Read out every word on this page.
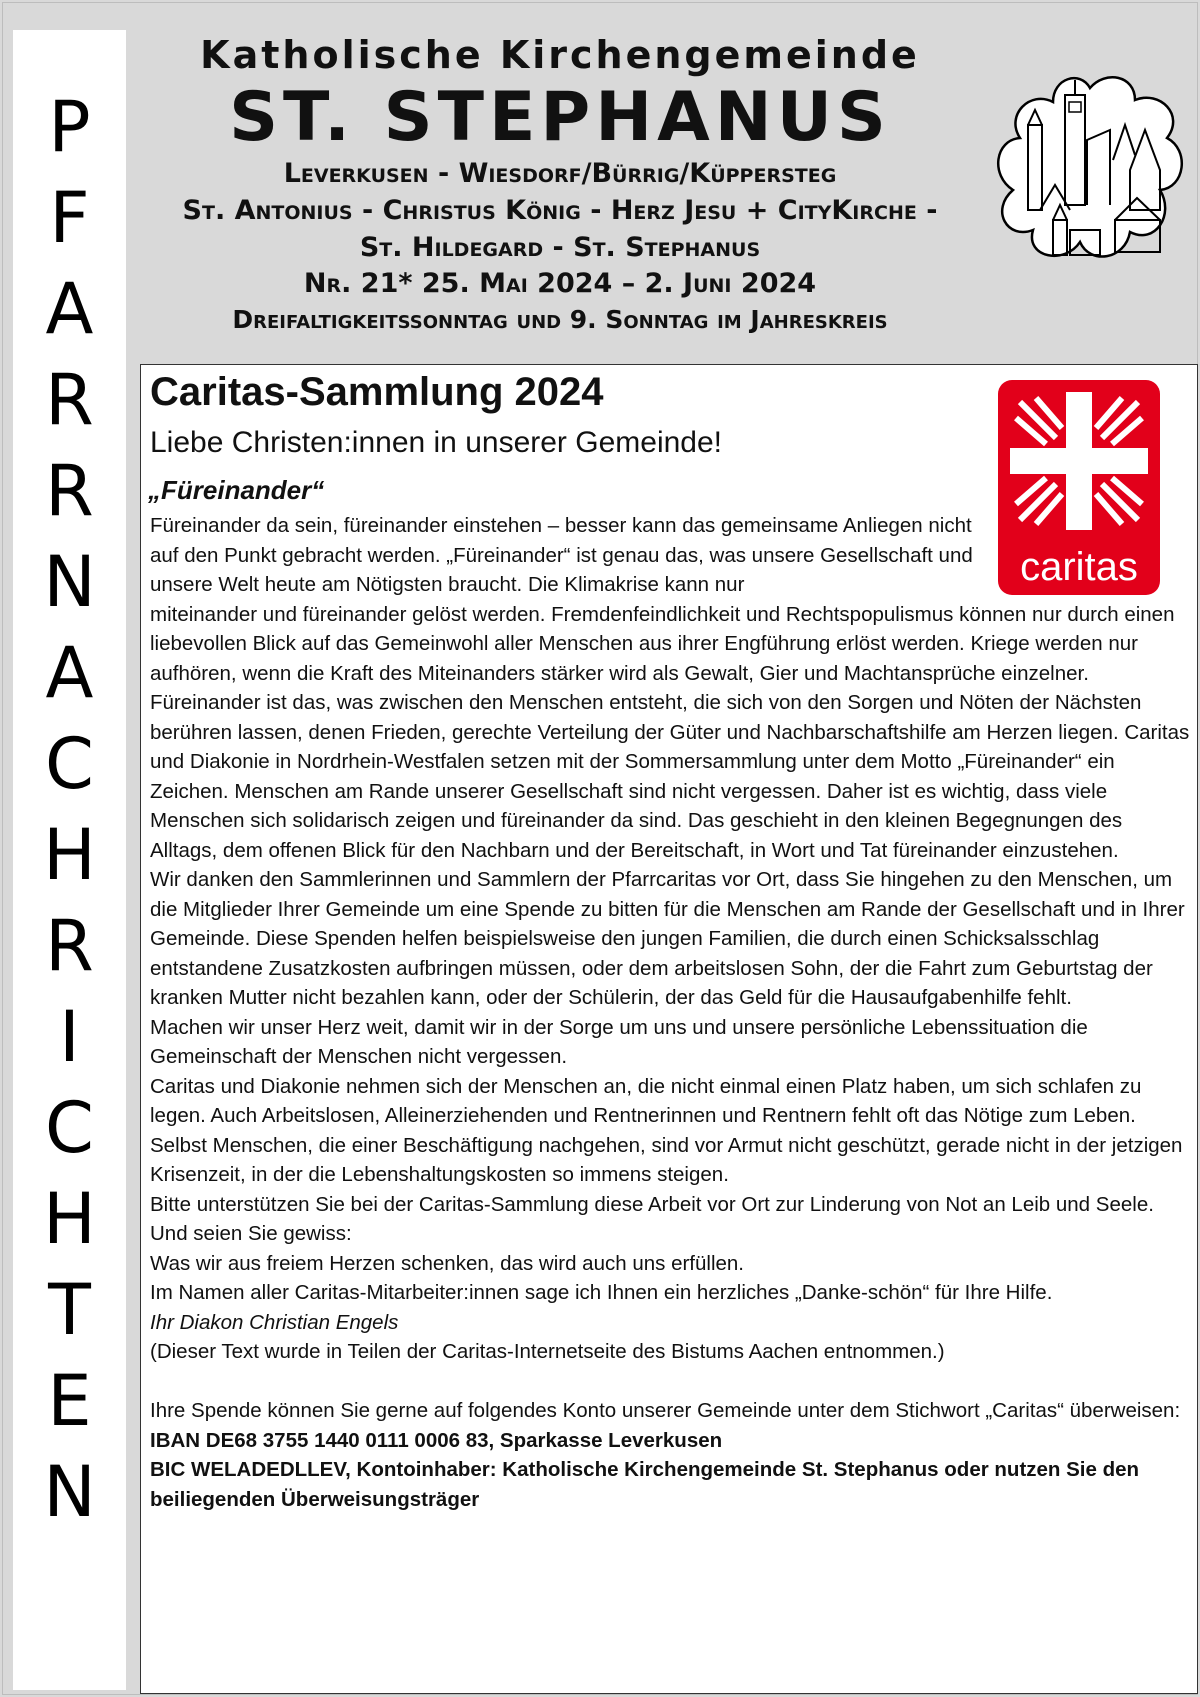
P
F
A
R
R
N
A
C
H
R
I
C
H
T
E
N
Katholische Kirchengemeinde
ST. STEPHANUS
Leverkusen - Wiesdorf/Bürrig/Küppersteg
St. Antonius - Christus König - Herz Jesu + CityKirche -
St. Hildegard - St. Stephanus
Nr. 21* 25. Mai 2024 – 2. Juni 2024
Dreifaltigkeitssonntag und 9. Sonntag im Jahreskreis
caritas
Caritas-Sammlung 2024
Liebe Christen:innen in unserer Gemeinde!
„Füreinander“

Füreinander da sein, füreinander einstehen – besser kann das gemeinsame Anliegen nicht auf den Punkt gebracht werden. „Füreinander“ ist genau das, was unsere Gesellschaft und unsere Welt heute am Nötigsten braucht. Die Klimakrise kann nur

miteinander und füreinander gelöst werden. Fremdenfeindlichkeit und Rechtspopulismus können nur durch einen liebevollen Blick auf das Gemeinwohl aller Menschen aus ihrer Engführung erlöst werden. Kriege werden nur aufhören, wenn die Kraft des Miteinanders stärker wird als Gewalt, Gier und Machtansprüche einzelner.

Füreinander ist das, was zwischen den Menschen entsteht, die sich von den Sorgen und Nöten der Nächsten berühren lassen, denen Frieden, gerechte Verteilung der Güter und Nachbarschaftshilfe am Herzen liegen. Caritas und Diakonie in Nordrhein-Westfalen setzen mit der Sommersammlung unter dem Motto „Füreinander“ ein Zeichen. Menschen am Rande unserer Gesellschaft sind nicht vergessen. Daher ist es wichtig, dass viele Menschen sich solidarisch zeigen und füreinander da sind. Das geschieht in den kleinen Begegnungen des Alltags, dem offenen Blick für den Nachbarn und der Bereitschaft, in Wort und Tat füreinander einzustehen.

Wir danken den Sammlerinnen und Sammlern der Pfarrcaritas vor Ort, dass Sie hingehen zu den Menschen, um die Mitglieder Ihrer Gemeinde um eine Spende zu bitten für die Menschen am Rande der Gesellschaft und in Ihrer Gemeinde. Diese Spenden helfen beispielsweise den jungen Familien, die durch einen Schicksalsschlag entstandene Zusatzkosten aufbringen müssen, oder dem arbeitslosen Sohn, der die Fahrt zum Geburtstag der kranken Mutter nicht bezahlen kann, oder der Schülerin, der das Geld für die Hausaufgabenhilfe fehlt.

Machen wir unser Herz weit, damit wir in der Sorge um uns und unsere persönliche Lebenssituation die Gemeinschaft der Menschen nicht vergessen.

Caritas und Diakonie nehmen sich der Menschen an, die nicht einmal einen Platz haben, um sich schlafen zu legen. Auch Arbeitslosen, Alleinerziehenden und Rentnerinnen und Rentnern fehlt oft das Nötige zum Leben. Selbst Menschen, die einer Beschäftigung nachgehen, sind vor Armut nicht geschützt, gerade nicht in der jetzigen Krisenzeit, in der die Lebenshaltungskosten so immens steigen.

Bitte unterstützen Sie bei der Caritas-Sammlung diese Arbeit vor Ort zur Linderung von Not an Leib und Seele. Und seien Sie gewiss:

Was wir aus freiem Herzen schenken, das wird auch uns erfüllen.

Im Namen aller Caritas-Mitarbeiter:innen sage ich Ihnen ein herzliches „Danke-schön“ für Ihre Hilfe.

Ihr Diakon Christian Engels

(Dieser Text wurde in Teilen der Caritas-Internetseite des Bistums Aachen entnommen.)

Ihre Spende können Sie gerne auf folgendes Konto unserer Gemeinde unter dem Stichwort „Caritas“ überweisen:

IBAN DE68 3755 1440 0111 0006 83, Sparkasse Leverkusen

BIC WELADEDLLEV, Kontoinhaber: Katholische Kirchengemeinde St. Stephanus oder nutzen Sie den beiliegenden Überweisungsträger
